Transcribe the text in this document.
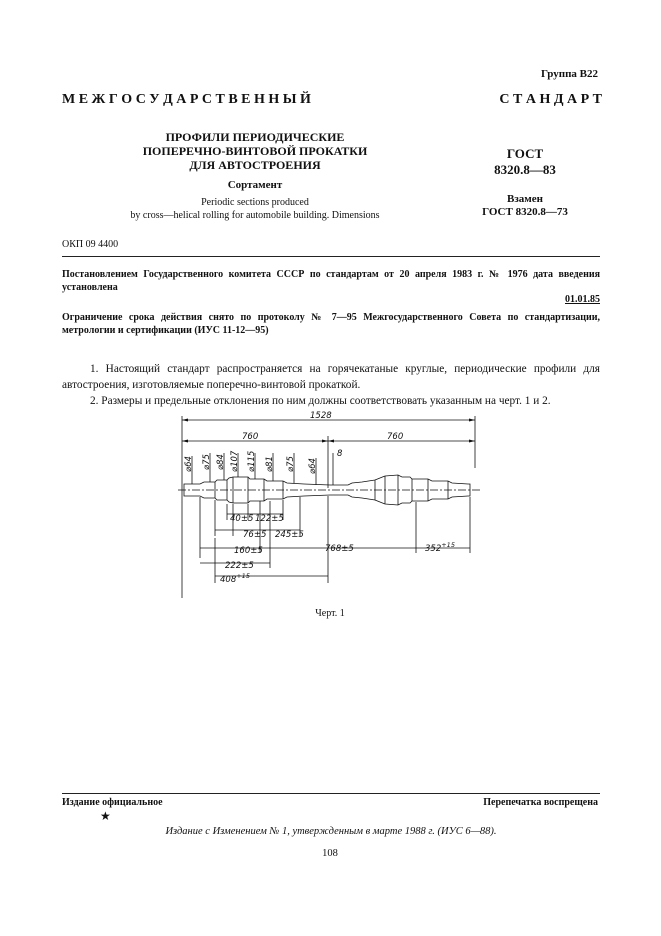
Группа В22
М Е Ж Г О С У Д А Р С Т В Е Н Н Ы Й	С Т А Н Д А Р Т
ПРОФИЛИ ПЕРИОДИЧЕСКИЕ
ПОПЕРЕЧНО-ВИНТОВОЙ ПРОКАТКИ
ДЛЯ АВТОСТРОЕНИЯ
Сортамент
Periodic sections produced
by cross—helical rolling for automobile building. Dimensions
ГОСТ
8320.8—83
Взамен
ГОСТ 8320.8—73
ОКП 09 4400
Постановлением Государственного комитета СССР по стандартам от 20 апреля 1983 г. № 1976 дата введения установлена
01.01.85
Ограничение срока действия снято по протоколу № 7—95 Межгосударственного Совета по стандартизации, метрологии и сертификации (ИУС 11-12—95)
1. Настоящий стандарт распространяется на горячекатаные круглые, периодические профили для автостроения, изготовляемые поперечно-винтовой прокаткой.
2. Размеры и предельные отклонения по ним должны соответствовать указанным на черт. 1 и 2.
1528
760	760
⌀64 ⌀75 ⌀84 ⌀107 ⌀115 ⌀81 ⌀75 ⌀64
8
40±5 122±5
76±5 245±5
160±5	768±5	$352^{+15}$
222±5
$408^{+15}$
Черт. 1
Издание официальное	Перепечатка воспрещена
★
Издание с Изменением № 1, утвержденным в марте 1988 г. (ИУС 6—88).
108
